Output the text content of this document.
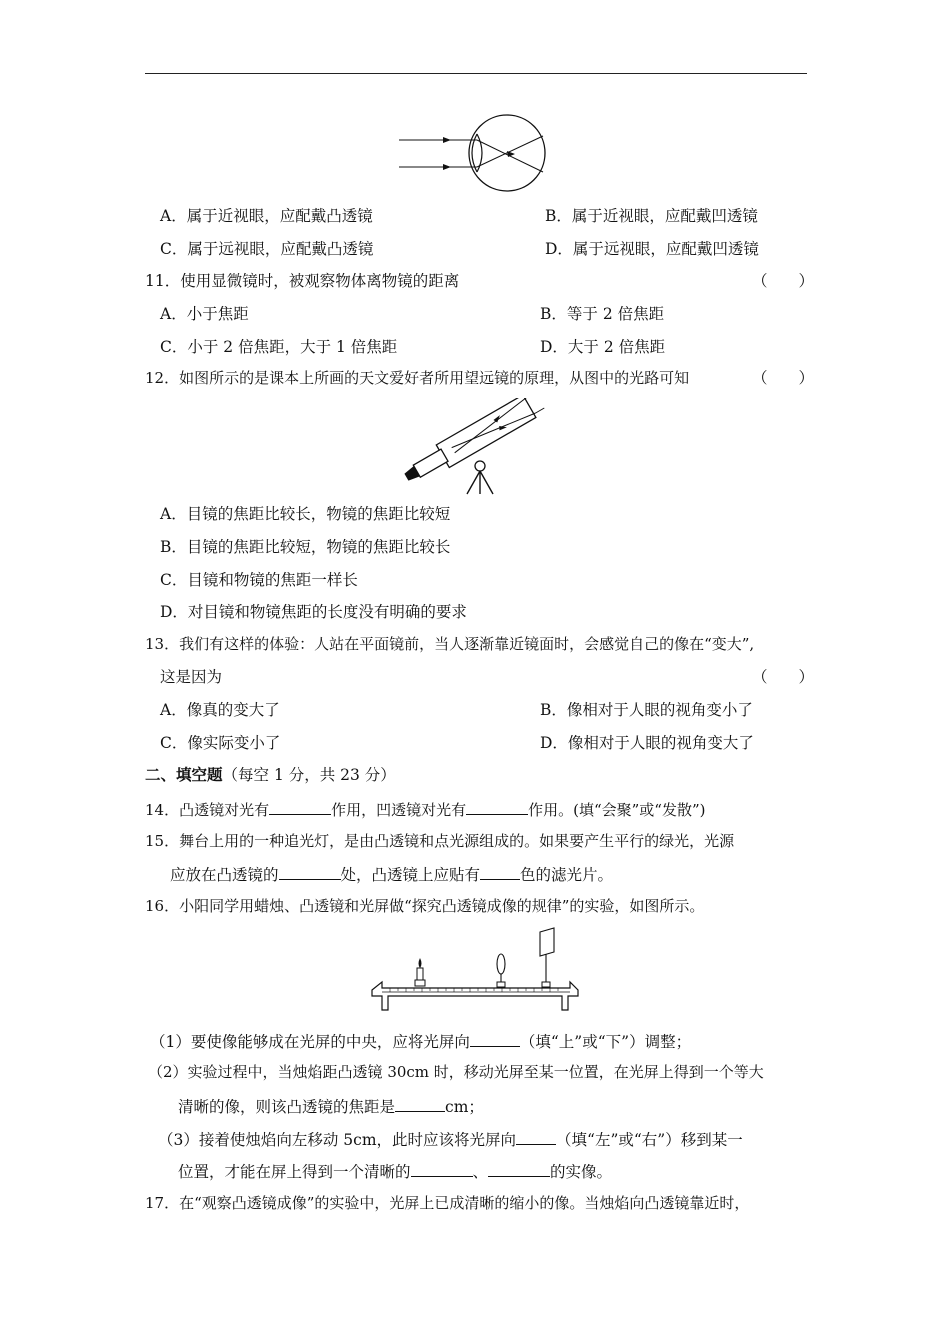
A．属于近视眼，应配戴凸透镜	B．属于近视眼，应配戴凹透镜
C．属于远视眼，应配戴凸透镜	D．属于远视眼，应配戴凹透镜
11．使用显微镜时，被观察物体离物镜的距离	（　　）
A．小于焦距	B．等于 2 倍焦距
C．小于 2 倍焦距，大于 1 倍焦距	D．大于 2 倍焦距
12．如图所示的是课本上所画的天文爱好者所用望远镜的原理，从图中的光路可知	（　　）
A．目镜的焦距比较长，物镜的焦距比较短
B．目镜的焦距比较短，物镜的焦距比较长
C．目镜和物镜的焦距一样长
D．对目镜和物镜焦距的长度没有明确的要求
13．我们有这样的体验：人站在平面镜前，当人逐渐靠近镜面时，会感觉自己的像在“变大”,
这是因为	（　　）
A．像真的变大了	B．像相对于人眼的视角变小了
C．像实际变小了	D．像相对于人眼的视角变大了
二、填空题（每空 1 分，共 23 分）
14．凸透镜对光有	作用，凹透镜对光有	作用。(填“会聚”或“发散”)
15．舞台上用的一种追光灯，是由凸透镜和点光源组成的。如果要产生平行的绿光，光源
应放在凸透镜的	处，凸透镜上应贴有	色的滤光片。
16．小阳同学用蜡烛、凸透镜和光屏做“探究凸透镜成像的规律”的实验，如图所示。
（1）要使像能够成在光屏的中央，应将光屏向	（填“上”或“下”）调整；
（2）实验过程中，当烛焰距凸透镜 30cm 时，移动光屏至某一位置，在光屏上得到一个等大
清晰的像，则该凸透镜的焦距是	cm；
（3）接着使烛焰向左移动 5cm，此时应该将光屏向	（填“左”或“右”）移到某一
位置，才能在屏上得到一个清晰的	、	的实像。
17．在“观察凸透镜成像”的实验中，光屏上已成清晰的缩小的像。当烛焰向凸透镜靠近时，
